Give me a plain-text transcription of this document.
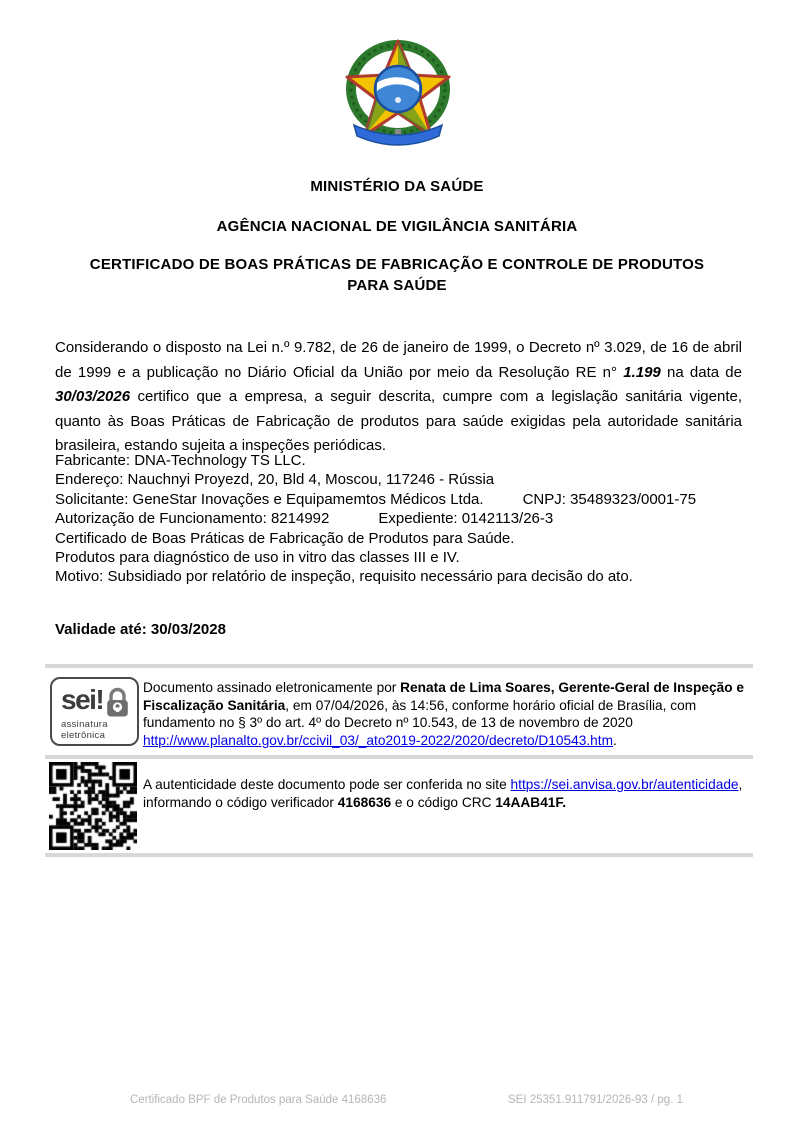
MINISTÉRIO DA SAÚDE
AGÊNCIA NACIONAL DE VIGILÂNCIA SANITÁRIA
CERTIFICADO DE BOAS PRÁTICAS DE FABRICAÇÃO E CONTROLE DE PRODUTOS PARA SAÚDE

Considerando o disposto na Lei n.º 9.782, de 26 de janeiro de 1999, o Decreto nº 3.029, de 16 de abril de 1999 e a publicação no Diário Oficial da União por meio da Resolução RE n° 1.199 na data de 30/03/2026 certifico que a empresa, a seguir descrita, cumpre com a legislação sanitária vigente, quanto às Boas Práticas de Fabricação de produtos para saúde exigidas pela autoridade sanitária brasileira, estando sujeita a inspeções periódicas.

Fabricante: DNA-Technology TS LLC.
Endereço: Nauchnyi Proyezd, 20, Bld 4, Moscou, 117246 - Rússia
Solicitante: GeneStar Inovações e Equipamemtos Médicos Ltda.	CNPJ: 35489323/0001-75
Autorização de Funcionamento: 8214992	Expediente: 0142113/26-3
Certificado de Boas Práticas de Fabricação de Produtos para Saúde.
Produtos para diagnóstico de uso in vitro das classes III e IV.
Motivo: Subsidiado por relatório de inspeção, requisito necessário para decisão do ato.
Validade até: 30/03/2028
sei!
assinatura
eletrônica

Documento assinado eletronicamente por Renata de Lima Soares, Gerente-Geral de Inspeção e Fiscalização Sanitária, em 07/04/2026, às 14:56, conforme horário oficial de Brasília, com fundamento no § 3º do art. 4º do Decreto nº 10.543, de 13 de novembro de 2020 http://www.planalto.gov.br/ccivil_03/_ato2019-2022/2020/decreto/D10543.htm.

A autenticidade deste documento pode ser conferida no site https://sei.anvisa.gov.br/autenticidade, informando o código verificador 4168636 e o código CRC 14AAB41F.

Certificado BPF de Produtos para Saúde 4168636	SEI 25351.911791/2026-93 / pg. 1
